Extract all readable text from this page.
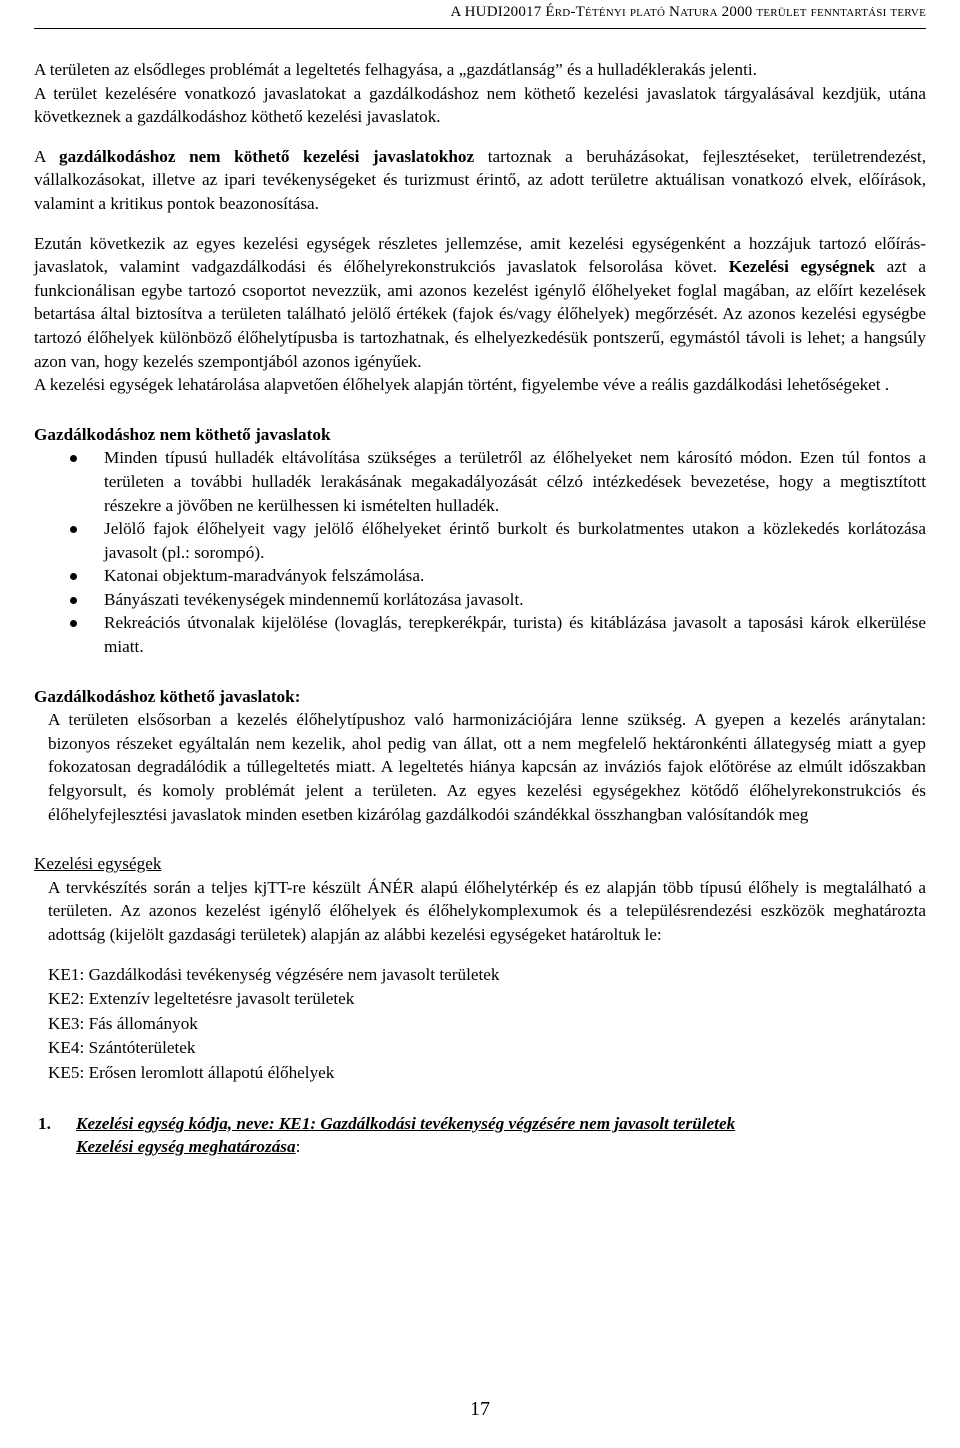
A HUDI20017 Érd-Tétényi plató Natura 2000 terület fenntartási terve

A területen az elsődleges problémát a legeltetés felhagyása, a „gazdátlanság” és a hulladéklerakás jelenti.

A terület kezelésére vonatkozó javaslatokat a gazdálkodáshoz nem köthető kezelési javaslatok tárgyalásával kezdjük, utána következnek a gazdálkodáshoz köthető kezelési javaslatok.

A gazdálkodáshoz nem köthető kezelési javaslatokhoz tartoznak a beruházásokat, fejlesztéseket, területrendezést, vállalkozásokat, illetve az ipari tevékenységeket és turizmust érintő, az adott területre aktuálisan vonatkozó elvek, előírások, valamint a kritikus pontok beazonosítása.

Ezután következik az egyes kezelési egységek részletes jellemzése, amit kezelési egységenként a hozzájuk tartozó előírás-javaslatok, valamint vadgazdálkodási és élőhelyrekonstrukciós javaslatok felsorolása követ. Kezelési egységnek azt a funkcionálisan egybe tartozó csoportot nevezzük, ami azonos kezelést igénylő élőhelyeket foglal magában, az előírt kezelések betartása által biztosítva a területen található jelölő értékek (fajok és/vagy élőhelyek) megőrzését. Az azonos kezelési egységbe tartozó élőhelyek különböző élőhelytípusba is tartozhatnak, és elhelyezkedésük pontszerű, egymástól távoli is lehet; a hangsúly azon van, hogy kezelés szempontjából azonos igényűek.

A kezelési egységek lehatárolása alapvetően élőhelyek alapján történt, figyelembe véve a reális gazdálkodási lehetőségeket .

Gazdálkodáshoz nem köthető javaslatok

Minden típusú hulladék eltávolítása szükséges a területről az élőhelyeket nem károsító módon. Ezen túl fontos a területen a további hulladék lerakásának megakadályozását célzó intézkedések bevezetése, hogy a megtisztított részekre a jövőben ne kerülhessen ki ismételten hulladék.
Jelölő fajok élőhelyeit vagy jelölő élőhelyeket érintő burkolt és burkolatmentes utakon a közlekedés korlátozása javasolt (pl.: sorompó).
Katonai objektum-maradványok felszámolása.
Bányászati tevékenységek mindennemű korlátozása javasolt.
Rekreációs útvonalak kijelölése (lovaglás, terepkerékpár, turista) és kitáblázása javasolt a taposási károk elkerülése miatt.

Gazdálkodáshoz köthető javaslatok:

A területen elsősorban a kezelés élőhelytípushoz való harmonizációjára lenne szükség. A gyepen a kezelés aránytalan: bizonyos részeket egyáltalán nem kezelik, ahol pedig van állat, ott a nem megfelelő hektáronkénti állategység miatt a gyep fokozatosan degradálódik a túllegeltetés miatt. A legeltetés hiánya kapcsán az inváziós fajok előtörése az elmúlt időszakban felgyorsult, és komoly problémát jelent a területen. Az egyes kezelési egységekhez kötődő élőhelyrekonstrukciós és élőhelyfejlesztési javaslatok minden esetben kizárólag gazdálkodói szándékkal összhangban valósítandók meg

Kezelési egységek

A tervkészítés során a teljes kjTT-re készült ÁNÉR alapú élőhelytérkép és ez alapján több típusú élőhely is megtalálható a területen. Az azonos kezelést igénylő élőhelyek és élőhelykomplexumok és a településrendezési eszközök meghatározta adottság (kijelölt gazdasági területek) alapján az alábbi kezelési egységeket határoltuk le:

KE1: Gazdálkodási tevékenység végzésére nem javasolt területek
KE2: Extenzív legeltetésre javasolt területek
KE3: Fás állományok
KE4: Szántóterületek
KE5: Erősen leromlott állapotú élőhelyek
1. Kezelési egység kódja, neve: KE1: Gazdálkodási tevékenység végzésére nem javasolt területek
Kezelési egység meghatározása:
17
